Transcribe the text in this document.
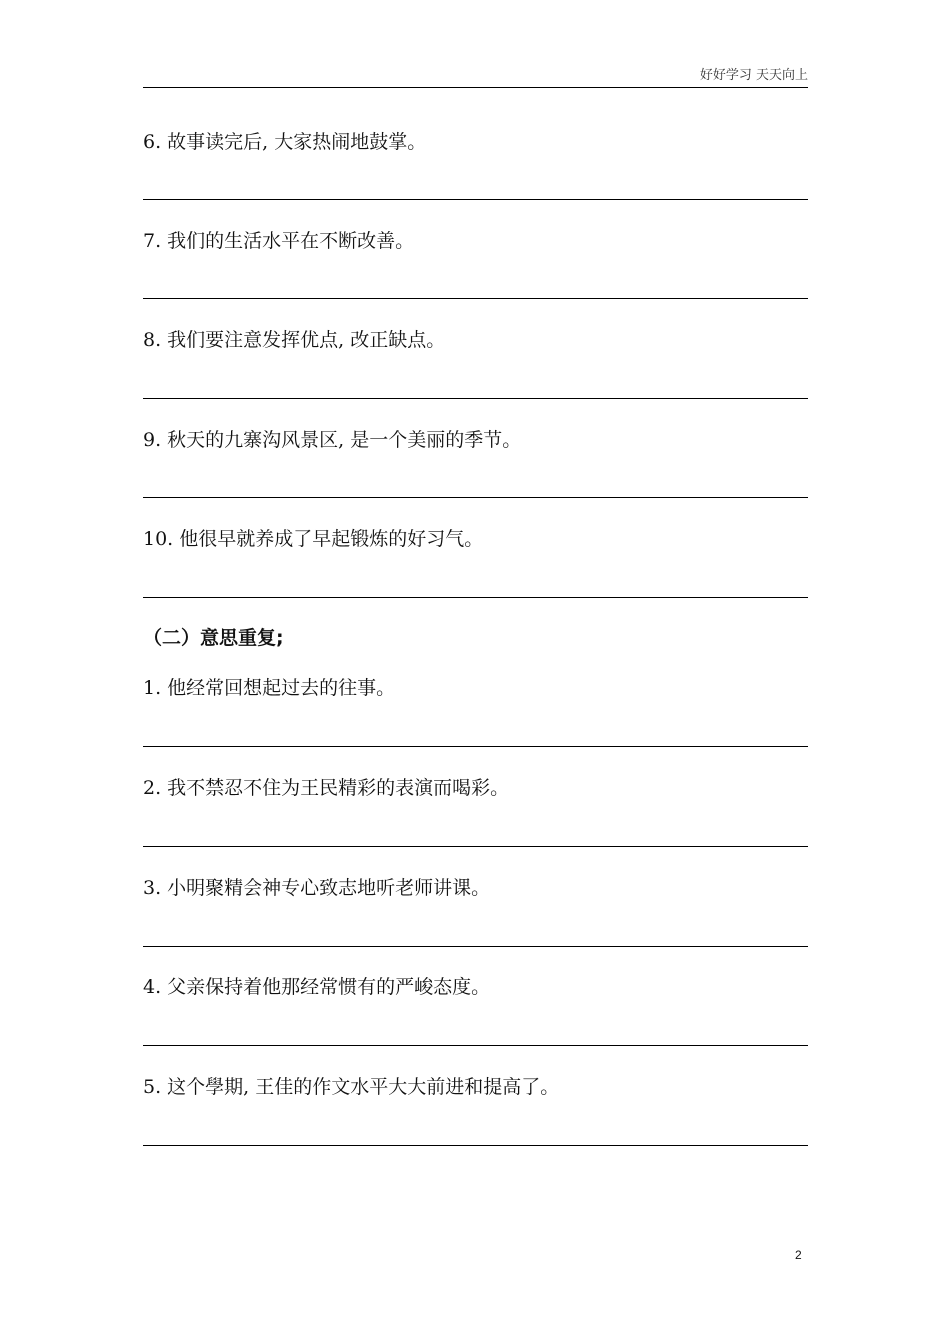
好好学习 天天向上
6. 故事读完后, 大家热闹地鼓掌。
7. 我们的生活水平在不断改善。
8. 我们要注意发挥优点, 改正缺点。
9. 秋天的九寨沟风景区, 是一个美丽的季节。
10. 他很早就养成了早起锻炼的好习气。
（二）意思重复;
1. 他经常回想起过去的往事。
2. 我不禁忍不住为王民精彩的表演而喝彩。
3. 小明聚精会神专心致志地听老师讲课。
4. 父亲保持着他那经常惯有的严峻态度。
5. 这个學期, 王佳的作文水平大大前进和提高了。
2
